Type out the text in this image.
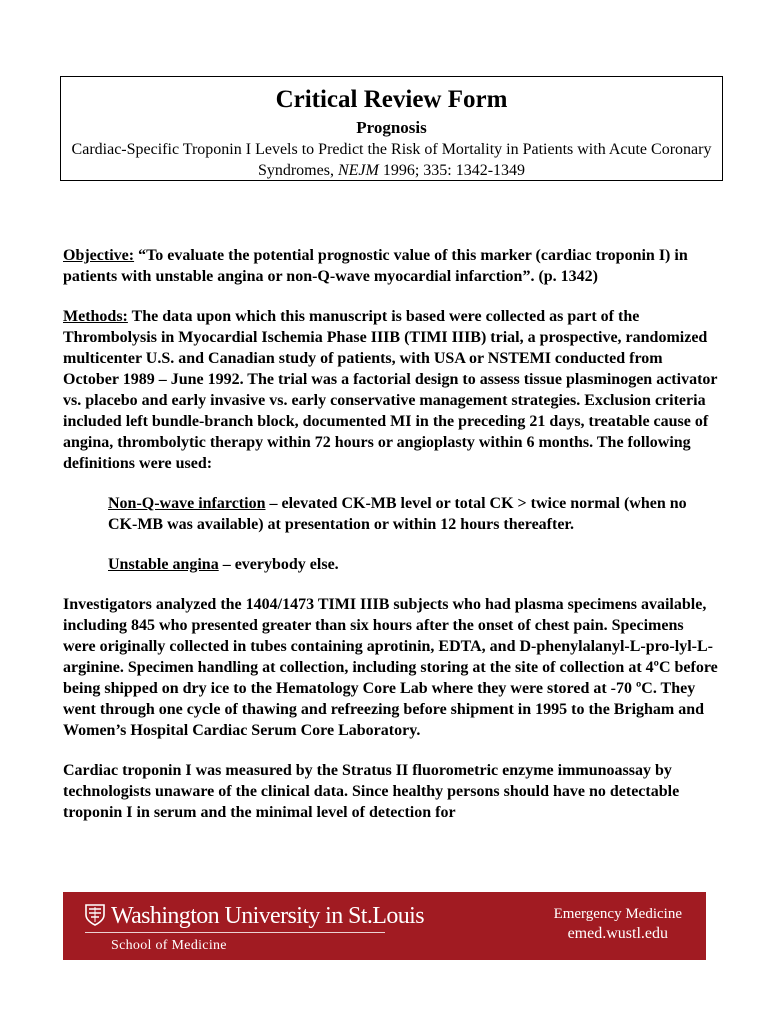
Critical Review Form
Prognosis
Cardiac-Specific Troponin I Levels to Predict the Risk of Mortality in Patients with Acute Coronary Syndromes, NEJM 1996; 335: 1342-1349

Objective: “To evaluate the potential prognostic value of this marker (cardiac troponin I) in patients with unstable angina or non-Q-wave myocardial infarction”. (p. 1342)

Methods: The data upon which this manuscript is based were collected as part of the Thrombolysis in Myocardial Ischemia Phase IIIB (TIMI IIIB) trial, a prospective, randomized multicenter U.S. and Canadian study of patients, with USA or NSTEMI conducted from October 1989 – June 1992. The trial was a factorial design to assess tissue plasminogen activator vs. placebo and early invasive vs. early conservative management strategies. Exclusion criteria included left bundle-branch block, documented MI in the preceding 21 days, treatable cause of angina, thrombolytic therapy within 72 hours or angioplasty within 6 months. The following definitions were used:

Non-Q-wave infarction – elevated CK-MB level or total CK > twice normal (when no CK-MB was available) at presentation or within 12 hours thereafter.

Unstable angina – everybody else.

Investigators analyzed the 1404/1473 TIMI IIIB subjects who had plasma specimens available, including 845 who presented greater than six hours after the onset of chest pain. Specimens were originally collected in tubes containing aprotinin, EDTA, and D-phenylalanyl-L-pro-lyl-L-arginine. Specimen handling at collection, including storing at the site of collection at 4ºC before being shipped on dry ice to the Hematology Core Lab where they were stored at -70 ºC. They went through one cycle of thawing and refreezing before shipment in 1995 to the Brigham and Women’s Hospital Cardiac Serum Core Laboratory.

Cardiac troponin I was measured by the Stratus II fluorometric enzyme immunoassay by technologists unaware of the clinical data. Since healthy persons should have no detectable troponin I in serum and the minimal level of detection for

Washington University in St.Louis
School of Medicine
Emergency Medicine
emed.wustl.edu
